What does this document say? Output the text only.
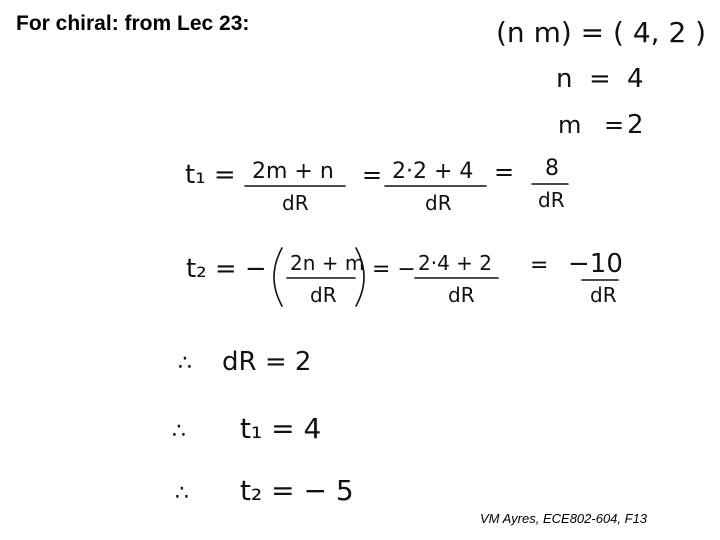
For chiral: from Lec 23:	(n m) = ( 4, 2 )
n = 4
m = 2
t₁ = 2m + n
dR
= 2·2 + 4
dR
= 8
dR
t₂ = − 2n + m
dR
= − 2·4 + 2
dR
= −10
dR
∴ dR = 2
∴ t₁ = 4
∴ t₂ = − 5
VM Ayres, ECE802-604, F13
